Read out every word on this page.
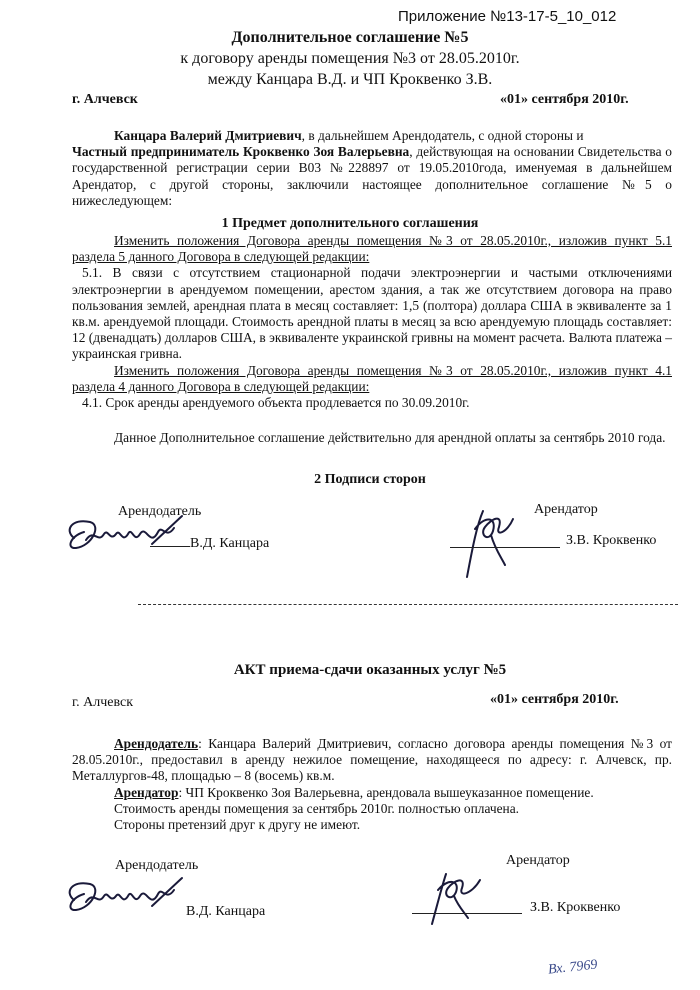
Приложение №13-17-5_10_012
Дополнительное соглашение №5
к договору аренды помещения №3 от 28.05.2010г.
между Канцара В.Д. и ЧП Кроквенко З.В.
г. Алчевск	«01» сентября 2010г.

Канцара Валерий Дмитриевич, в дальнейшем Арендодатель, с одной стороны и

Частный предприниматель Кроквенко Зоя Валерьевна, действующая на основании Свидетельства о государственной регистрации серии В03 №228897 от 19.05.2010года, именуемая в дальнейшем Арендатор, с другой стороны, заключили настоящее дополнительное соглашение №5 о нижеследующем:

1 Предмет дополнительного соглашения

Изменить положения Договора аренды помещения №3 от 28.05.2010г., изложив пункт 5.1 раздела 5 данного Договора в следующей редакции:

5.1. В связи с отсутствием стационарной подачи электроэнергии и частыми отключениями электроэнергии в арендуемом помещении, арестом здания, а так же отсутствием договора на право пользования землей, арендная плата в месяц составляет: 1,5 (полтора) доллара США в эквиваленте за 1 кв.м. арендуемой площади. Стоимость арендной платы в месяц за всю арендуемую площадь составляет: 12 (двенадцать) долларов США, в эквиваленте украинской гривны на момент расчета. Валюта платежа – украинская гривна.

Изменить положения Договора аренды помещения №3 от 28.05.2010г., изложив пункт 4.1 раздела 4 данного Договора в следующей редакции:

4.1. Срок аренды арендуемого объекта продлевается по 30.09.2010г.

Данное Дополнительное соглашение действительно для арендной оплаты за сентябрь 2010 года.

2 Подписи сторон
Арендодатель
В.Д. Канцара
Арендатор
З.В. Кроквенко
АКТ приема-сдачи оказанных услуг №5
г. Алчевск	«01» сентября 2010г.

Арендодатель: Канцара Валерий Дмитриевич, согласно договора аренды помещения №3 от 28.05.2010г., предоставил в аренду нежилое помещение, находящееся по адресу: г. Алчевск, пр. Металлургов-48, площадью – 8 (восемь) кв.м.

Арендатор: ЧП Кроквенко Зоя Валерьевна, арендовала вышеуказанное помещение.

Стоимость аренды помещения за сентябрь 2010г. полностью оплачена.

Стороны претензий друг к другу не имеют.

Арендодатель
В.Д. Канцара
Арендатор
З.В. Кроквенко
Вх. 7969
